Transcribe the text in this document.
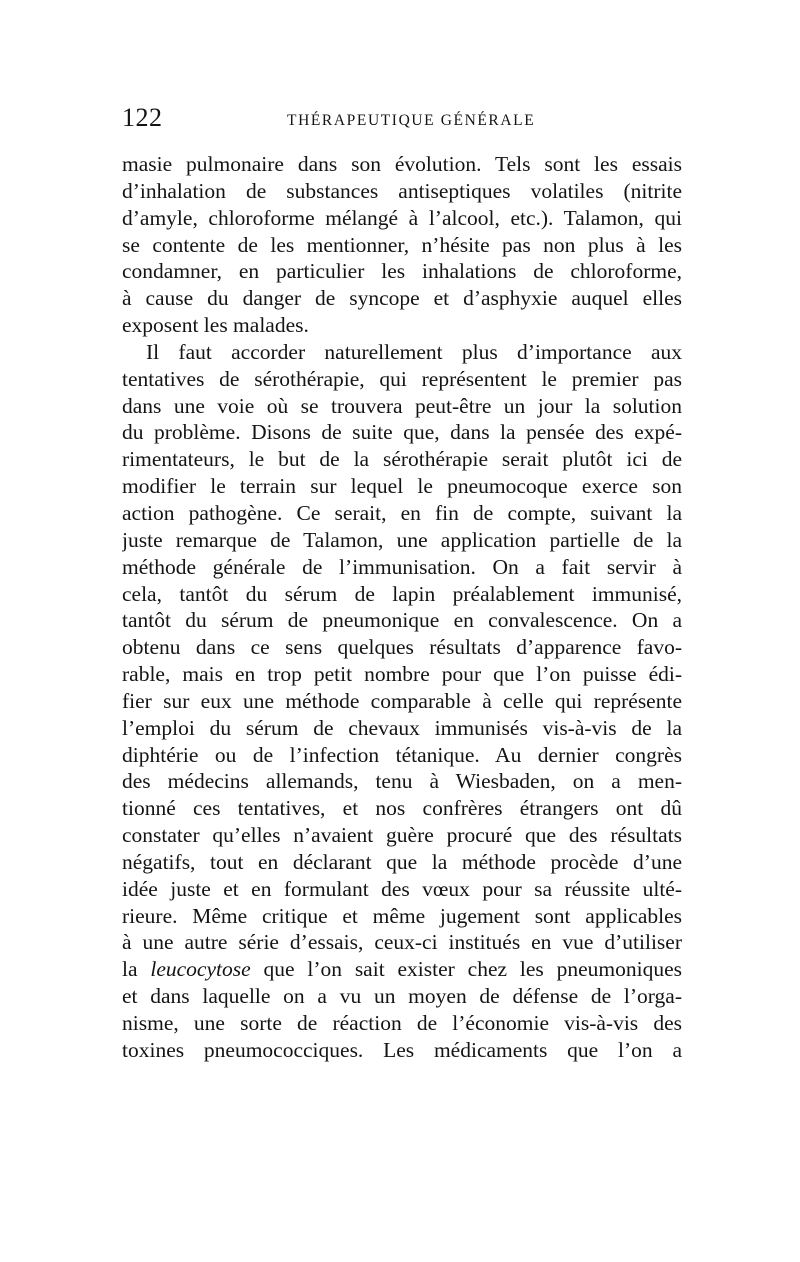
122	THÉRAPEUTIQUE GÉNÉRALE
masie pulmonaire dans son évolution. Tels sont les essais
d’inhalation de substances antiseptiques volatiles (nitrite
d’amyle, chloroforme mélangé à l’alcool, etc.). Talamon, qui
se contente de les mentionner, n’hésite pas non plus à les
condamner, en particulier les inhalations de chloroforme,
à cause du danger de syncope et d’asphyxie auquel elles
exposent les malades.
Il faut accorder naturellement plus d’importance aux
tentatives de sérothérapie, qui représentent le premier pas
dans une voie où se trouvera peut-être un jour la solution
du problème. Disons de suite que, dans la pensée des expé-
rimentateurs, le but de la sérothérapie serait plutôt ici de
modifier le terrain sur lequel le pneumocoque exerce son
action pathogène. Ce serait, en fin de compte, suivant la
juste remarque de Talamon, une application partielle de la
méthode générale de l’immunisation. On a fait servir à
cela, tantôt du sérum de lapin préalablement immunisé,
tantôt du sérum de pneumonique en convalescence. On a
obtenu dans ce sens quelques résultats d’apparence favo-
rable, mais en trop petit nombre pour que l’on puisse édi-
fier sur eux une méthode comparable à celle qui représente
l’emploi du sérum de chevaux immunisés vis-à-vis de la
diphtérie ou de l’infection tétanique. Au dernier congrès
des médecins allemands, tenu à Wiesbaden, on a men-
tionné ces tentatives, et nos confrères étrangers ont dû
constater qu’elles n’avaient guère procuré que des résultats
négatifs, tout en déclarant que la méthode procède d’une
idée juste et en formulant des vœux pour sa réussite ulté-
rieure. Même critique et même jugement sont applicables
à une autre série d’essais, ceux-ci institués en vue d’utiliser
la leucocytose que l’on sait exister chez les pneumoniques
et dans laquelle on a vu un moyen de défense de l’orga-
nisme, une sorte de réaction de l’économie vis-à-vis des
toxines pneumococciques. Les médicaments que l’on a
